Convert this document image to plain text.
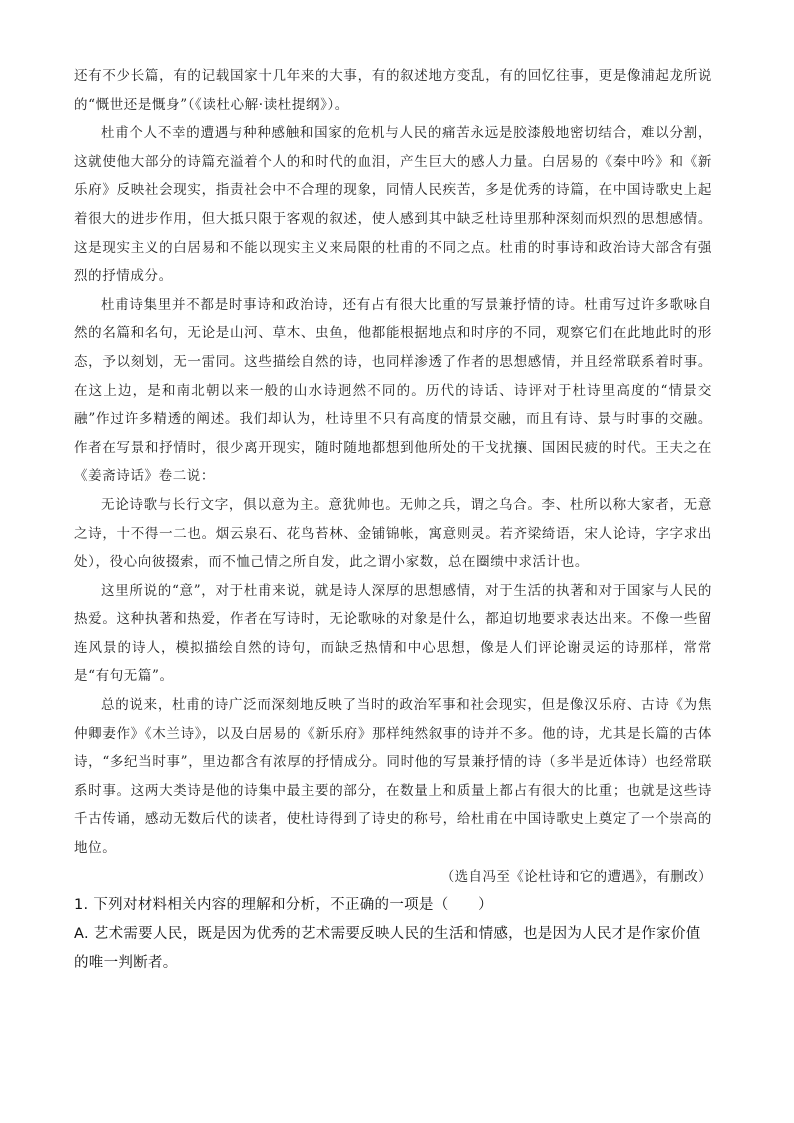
还有不少长篇，有的记载国家十几年来的大事，有的叙述地方变乱，有的回忆往事，更是像浦起龙所说的“慨世还是慨身”（《读杜心解·读杜提纲》）。

杜甫个人不幸的遭遇与种种感触和国家的危机与人民的痛苦永远是胶漆般地密切结合，难以分割，这就使他大部分的诗篇充溢着个人的和时代的血泪，产生巨大的感人力量。白居易的《秦中吟》和《新乐府》反映社会现实，指责社会中不合理的现象，同情人民疾苦，多是优秀的诗篇，在中国诗歌史上起着很大的进步作用，但大抵只限于客观的叙述，使人感到其中缺乏杜诗里那种深刻而炽烈的思想感情。这是现实主义的白居易和不能以现实主义来局限的杜甫的不同之点。杜甫的时事诗和政治诗大部含有强烈的抒情成分。

杜甫诗集里并不都是时事诗和政治诗，还有占有很大比重的写景兼抒情的诗。杜甫写过许多歌咏自然的名篇和名句，无论是山河、草木、虫鱼，他都能根据地点和时序的不同，观察它们在此地此时的形态，予以刻划，无一雷同。这些描绘自然的诗，也同样渗透了作者的思想感情，并且经常联系着时事。在这上边，是和南北朝以来一般的山水诗迥然不同的。历代的诗话、诗评对于杜诗里高度的“情景交融”作过许多精透的阐述。我们却认为，杜诗里不只有高度的情景交融，而且有诗、景与时事的交融。作者在写景和抒情时，很少离开现实，随时随地都想到他所处的干戈扰攘、国困民疲的时代。王夫之在《姜斋诗话》卷二说：

无论诗歌与长行文字，俱以意为主。意犹帅也。无帅之兵，谓之乌合。李、杜所以称大家者，无意之诗，十不得一二也。烟云泉石、花鸟苔林、金铺锦帐，寓意则灵。若齐梁绮语，宋人论诗，字字求出处），役心向彼掇索，而不恤己情之所自发，此之谓小家数，总在圈缋中求活计也。

这里所说的“意”，对于杜甫来说，就是诗人深厚的思想感情，对于生活的执著和对于国家与人民的热爱。这种执著和热爱，作者在写诗时，无论歌咏的对象是什么，都迫切地要求表达出来。不像一些留连风景的诗人，模拟描绘自然的诗句，而缺乏热情和中心思想，像是人们评论谢灵运的诗那样，常常是“有句无篇”。

总的说来，杜甫的诗广泛而深刻地反映了当时的政治军事和社会现实，但是像汉乐府、古诗《为焦仲卿妻作》《木兰诗》，以及白居易的《新乐府》那样纯然叙事的诗并不多。他的诗，尤其是长篇的古体诗，“多纪当时事”，里边都含有浓厚的抒情成分。同时他的写景兼抒情的诗（多半是近体诗）也经常联系时事。这两大类诗是他的诗集中最主要的部分，在数量上和质量上都占有很大的比重；也就是这些诗千古传诵，感动无数后代的读者，使杜诗得到了诗史的称号，给杜甫在中国诗歌史上奠定了一个崇高的地位。

（选自冯至《论杜诗和它的遭遇》，有删改）

1. 下列对材料相关内容的理解和分析，不正确的一项是（　　）

A. 艺术需要人民，既是因为优秀的艺术需要反映人民的生活和情感，也是因为人民才是作家价值的唯一判断者。
